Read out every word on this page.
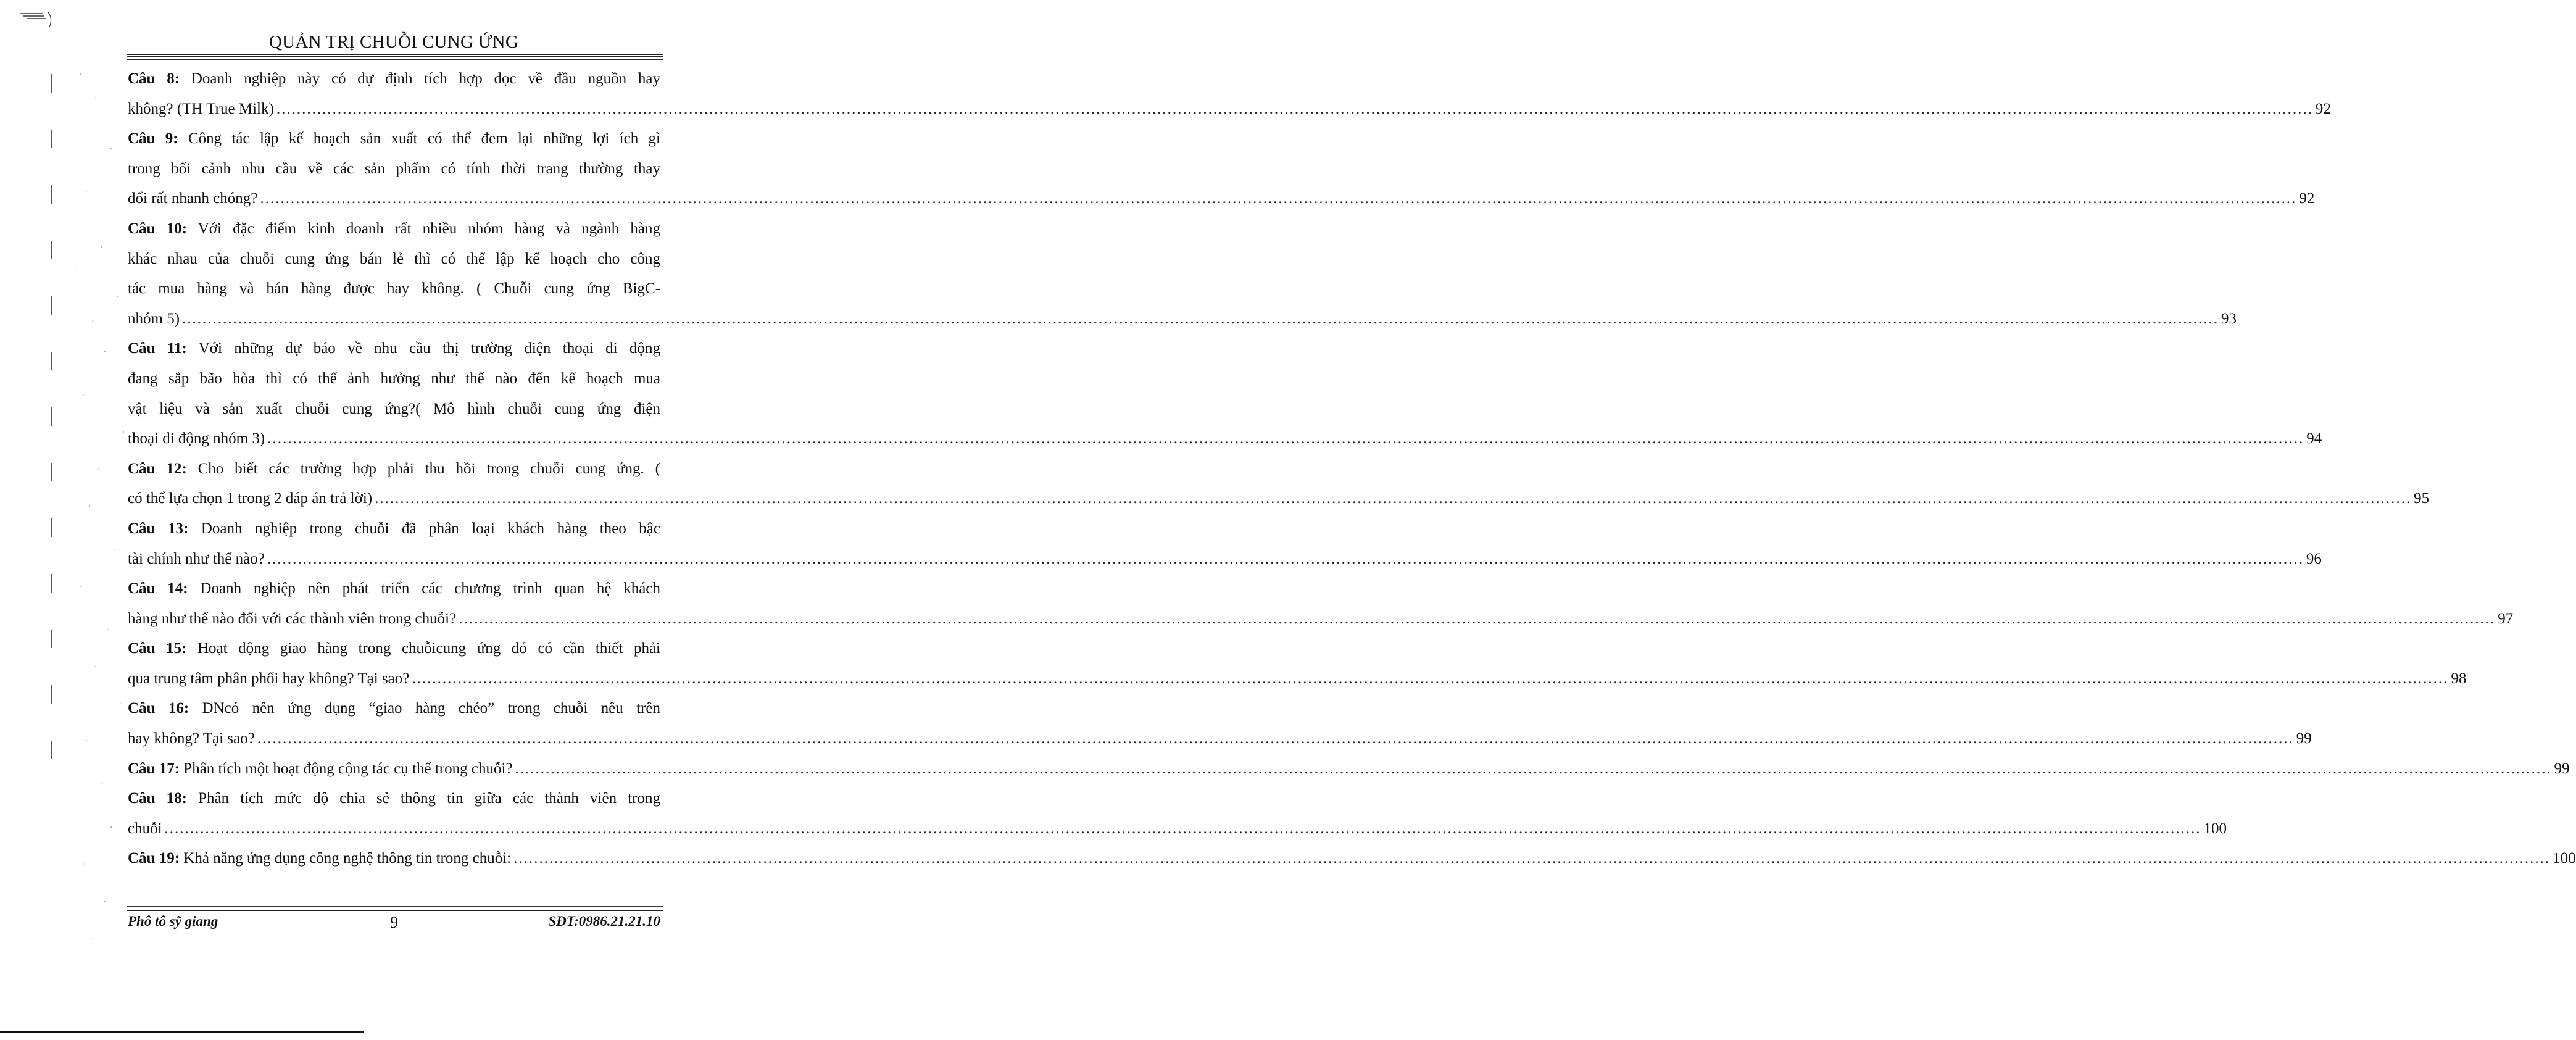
QUẢN TRỊ CHUỖI CUNG ỨNG
Câu 8: Doanh nghiệp này có dự định tích hợp dọc về đầu nguồn hay
không? (TH True Milk) ................................................................................................................................................................................................................................................................................................................................................................................................................ 92
Câu 9: Công tác lập kế hoạch sản xuất có thể đem lại những lợi ích gì
trong bối cảnh nhu cầu về các sản phẩm có tính thời trang thường thay
đổi rất nhanh chóng? ................................................................................................................................................................................................................................................................................................................................................................................................................ 92
Câu 10: Với đặc điểm kinh doanh rất nhiều nhóm hàng và ngành hàng
khác nhau của chuỗi cung ứng bán lẻ thì có thể lập kế hoạch cho công
tác mua hàng và bán hàng được hay không. ( Chuỗi cung ứng BigC-
nhóm 5) ................................................................................................................................................................................................................................................................................................................................................................................................................ 93
Câu 11: Với những dự báo về nhu cầu thị trường điện thoại di động
đang sắp bão hòa thì có thể ảnh hưởng như thế nào đến kế hoạch mua
vật liệu và sản xuất chuỗi cung ứng?( Mô hình chuỗi cung ứng điện
thoại di động nhóm 3) ................................................................................................................................................................................................................................................................................................................................................................................................................ 94
Câu 12: Cho biết các trường hợp phải thu hồi trong chuỗi cung ứng. (
có thể lựa chọn 1 trong 2 đáp án trả lời) ................................................................................................................................................................................................................................................................................................................................................................................................................ 95
Câu 13: Doanh nghiệp trong chuỗi đã phân loại khách hàng theo bậc
tài chính như thế nào? ................................................................................................................................................................................................................................................................................................................................................................................................................ 96
Câu 14: Doanh nghiệp nên phát triển các chương trình quan hệ khách
hàng như thế nào đối với các thành viên trong chuỗi? ................................................................................................................................................................................................................................................................................................................................................................................................................ 97
Câu 15: Hoạt động giao hàng trong chuỗicung ứng đó có cần thiết phải
qua trung tâm phân phối hay không? Tại sao? ................................................................................................................................................................................................................................................................................................................................................................................................................ 98
Câu 16: DNcó nên ứng dụng “giao hàng chéo” trong chuỗi nêu trên
hay không? Tại sao? ................................................................................................................................................................................................................................................................................................................................................................................................................ 99
Câu 17: Phân tích một hoạt động cộng tác cụ thể trong chuỗi? ................................................................................................................................................................................................................................................................................................................................................................................................................ 99
Câu 18: Phân tích mức độ chia sẻ thông tin giữa các thành viên trong
chuỗi ................................................................................................................................................................................................................................................................................................................................................................................................................ 100
Câu 19: Khả năng ứng dụng công nghệ thông tin trong chuỗi: ................................................................................................................................................................................................................................................................................................................................................................................................................ 100
Phô tô sỹ giang	9	SĐT:0986.21.21.10
